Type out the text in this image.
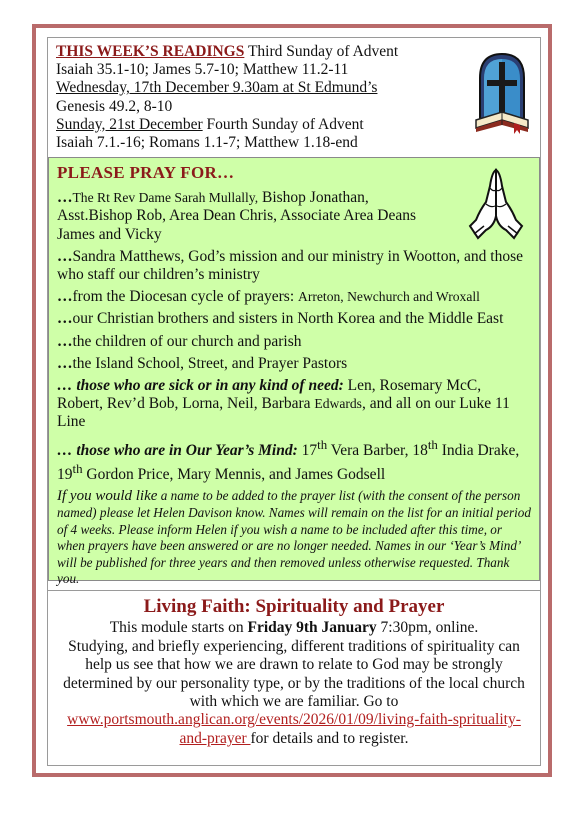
THIS WEEK’S READINGS Third Sunday of Advent
Isaiah 35.1-10; James 5.7-10; Matthew 11.2-11
Wednesday, 17th December 9.30am at St Edmund’s
Genesis 49.2, 8-10
Sunday, 21st December Fourth Sunday of Advent
Isaiah 7.1.-16; Romans 1.1-7; Matthew 1.18-end
PLEASE PRAY FOR…

…The Rt Rev Dame Sarah Mullally, Bishop Jonathan,
Asst.Bishop Rob, Area Dean Chris, Associate Area Deans
James and Vicky

…Sandra Matthews, God’s mission and our ministry in Wootton, and those who staff our children’s ministry

…from the Diocesan cycle of prayers: Arreton, Newchurch and Wroxall

…our Christian brothers and sisters in North Korea and the Middle East

…the children of our church and parish

…the Island School, Street, and Prayer Pastors

… those who are sick or in any kind of need: Len, Rosemary McC, Robert, Rev’d Bob, Lorna, Neil, Barbara Edwards, and all on our Luke 11 Line

… those who are in Our Year’s Mind: 17th Vera Barber, 18th India Drake, 19th Gordon Price, Mary Mennis, and James Godsell

If you would like a name to be added to the prayer list (with the consent of the person named) please let Helen Davison know. Names will remain on the list for an initial period of 4 weeks. Please inform Helen if you wish a name to be included after this time, or when prayers have been answered or are no longer needed. Names in our ‘Year’s Mind’ will be published for three years and then removed unless otherwise requested. Thank you.

Living Faith: Spirituality and Prayer
This module starts on Friday 9th January 7:30pm, online.
Studying, and briefly experiencing, different traditions of spirituality can help us see that how we are drawn to relate to God may be strongly determined by our personality type, or by the traditions of the local church with which we are familiar. Go to www.portsmouth.anglican.org/events/2026/01/09/living-faith-sprituality-and-prayer for details and to register.
